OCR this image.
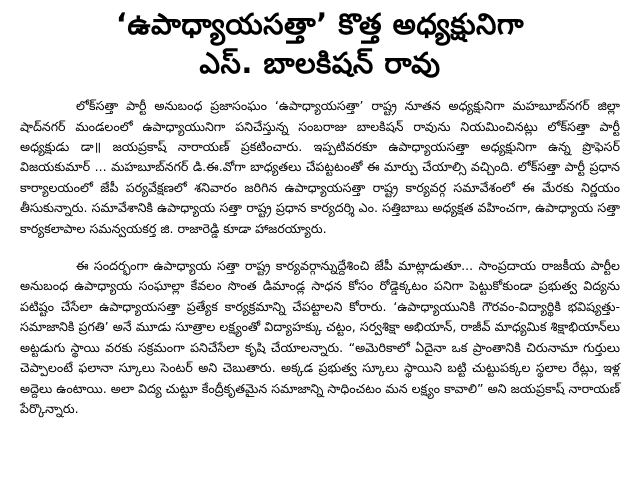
‘ఉపాధ్యాయసత్తా’ కొత్త అధ్యక్షునిగా
ఎస్. బాలకిషన్ రావు

లోక్‌సత్తా పార్టీ అనుబంధ ప్రజాసంఘం ‘ఉపాధ్యాయసత్తా’ రాష్ట్ర నూతన అధ్యక్షునిగా మహబూబ్‌నగర్ జిల్లా షాద్‌నగర్ మండలంలో ఉపాధ్యాయునిగా పనిచేస్తున్న సంబరాజు బాలకిషన్ రావును నియమించినట్లు లోక్‌సత్తా పార్టీ అధ్యక్షుడు డా॥ జయప్రకాష్ నారాయణ్ ప్రకటించారు. ఇప్పటివరకూ ఉపాధ్యాయసత్తా అధ్యక్షునిగా ఉన్న ప్రొఫెసర్ విజయకుమార్ ... మహబూబ్‌నగర్ డి.ఈ.వోగా బాధ్యతలు చేపట్టటంతో ఈ మార్పు చేయాల్సి వచ్చింది. లోక్‌సత్తా పార్టీ ప్రధాన కార్యాలయంలో జేపీ పర్యవేక్షణలో శనివారం జరిగిన ఉపాధ్యాయసత్తా రాష్ట్ర కార్యవర్గ సమావేశంలో ఈ మేరకు నిర్ణయం తీసుకున్నారు. సమావేశానికి ఉపాధ్యాయ సత్తా రాష్ట్ర ప్రధాన కార్యదర్శి ఎం. సత్తిబాబు అధ్యక్షత వహించగా, ఉపాధ్యాయ సత్తా కార్యకలాపాల సమన్వయకర్త జి. రాజారెడ్డి కూడా హాజరయ్యారు.

ఈ సందర్భంగా ఉపాధ్యాయ సత్తా రాష్ట్ర కార్యవర్గాన్నుద్దేశించి జేపీ మాట్లాడుతూ... సాంప్రదాయ రాజకీయ పార్టీల అనుబంధ ఉపాధ్యాయ సంఘాల్లా కేవలం సొంత డిమాండ్ల సాధన కోసం రోడ్డెక్కటం పనిగా పెట్టుకోకుండా ప్రభుత్వ విద్యను పటిష్టం చేసేలా ఉపాధ్యాయసత్తా ప్రత్యేక కార్యక్రమాన్ని చేపట్టాలని కోరారు. ‘ఉపాధ్యాయునికి గౌరవం-విద్యార్థికి భవిష్యత్తు-సమాజానికి ప్రగతి’ అనే మూడు సూత్రాల లక్ష్యంతో విద్యాహక్కు చట్టం, సర్వశిక్షా అభియాన్, రాజీవ్ మాధ్యమిక శిక్షాభియాన్‌లు అట్టడుగు స్థాయి వరకు సక్రమంగా పనిచేసేలా కృషి చేయాలన్నారు. “అమెరికాలో ఏదైనా ఒక ప్రాంతానికి చిరునామా గుర్తులు చెప్పాలంటే ఫలానా స్కూలు సెంటర్ అని చెబుతారు. అక్కడ ప్రభుత్వ స్కూలు స్థాయిని బట్టి చుట్టుపక్కల స్థలాల రేట్లు, ఇళ్ల అద్దెలు ఉంటాయి. అలా విద్య చుట్టూ కేంద్రీకృతమైన సమాజాన్ని సాధించటం మన లక్ష్యం కావాలి” అని జయప్రకాష్ నారాయణ్ పేర్కొన్నారు.
